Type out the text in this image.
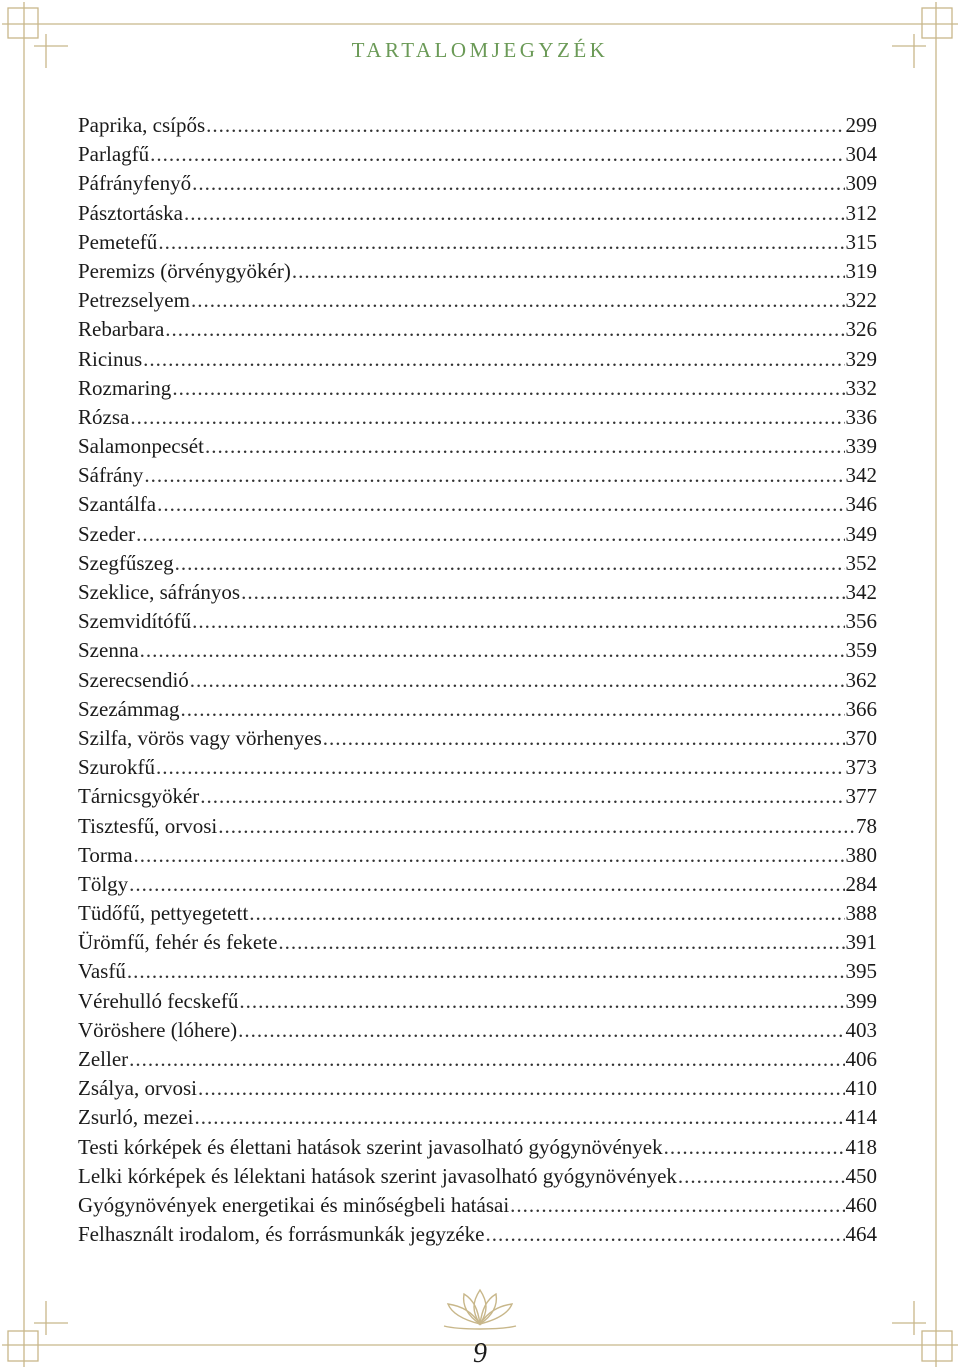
TARTALOMJEGYZÉK
Paprika, csípős .....	299
Parlagfű .....	304
Páfrányfenyő .....	309
Pásztortáska .....	312
Pemetefű .....	315
Peremizs (örvénygyökér) .....	319
Petrezselyem .....	322
Rebarbara .....	326
Ricinus .....	329
Rozmaring .....	332
Rózsa .....	336
Salamonpecsét .....	339
Sáfrány .....	342
Szantálfa .....	346
Szeder .....	349
Szegfűszeg .....	352
Szeklice, sáfrányos .....	342
Szemvidítófű .....	356
Szenna .....	359
Szerecsendió .....	362
Szezámmag .....	366
Szilfa, vörös vagy vörhenyes .....	370
Szurokfű .....	373
Tárnicsgyökér .....	377
Tisztesfű, orvosi .....	78
Torma .....	380
Tölgy .....	284
Tüdőfű, pettyegetett .....	388
Ürömfű, fehér és fekete .....	391
Vasfű .....	395
Vérehulló fecskefű .....	399
Vöröshere (lóhere) .....	403
Zeller .....	406
Zsálya, orvosi .....	410
Zsurló, mezei .....	414
Testi kórképek és élettani hatások szerint javasolható gyógynövények .....	418
Lelki kórképek és lélektani hatások szerint javasolható gyógynövények .....	450
Gyógynövények energetikai és minőségbeli hatásai .....	460
Felhasznált irodalom, és forrásmunkák jegyzéke .....	464
9
